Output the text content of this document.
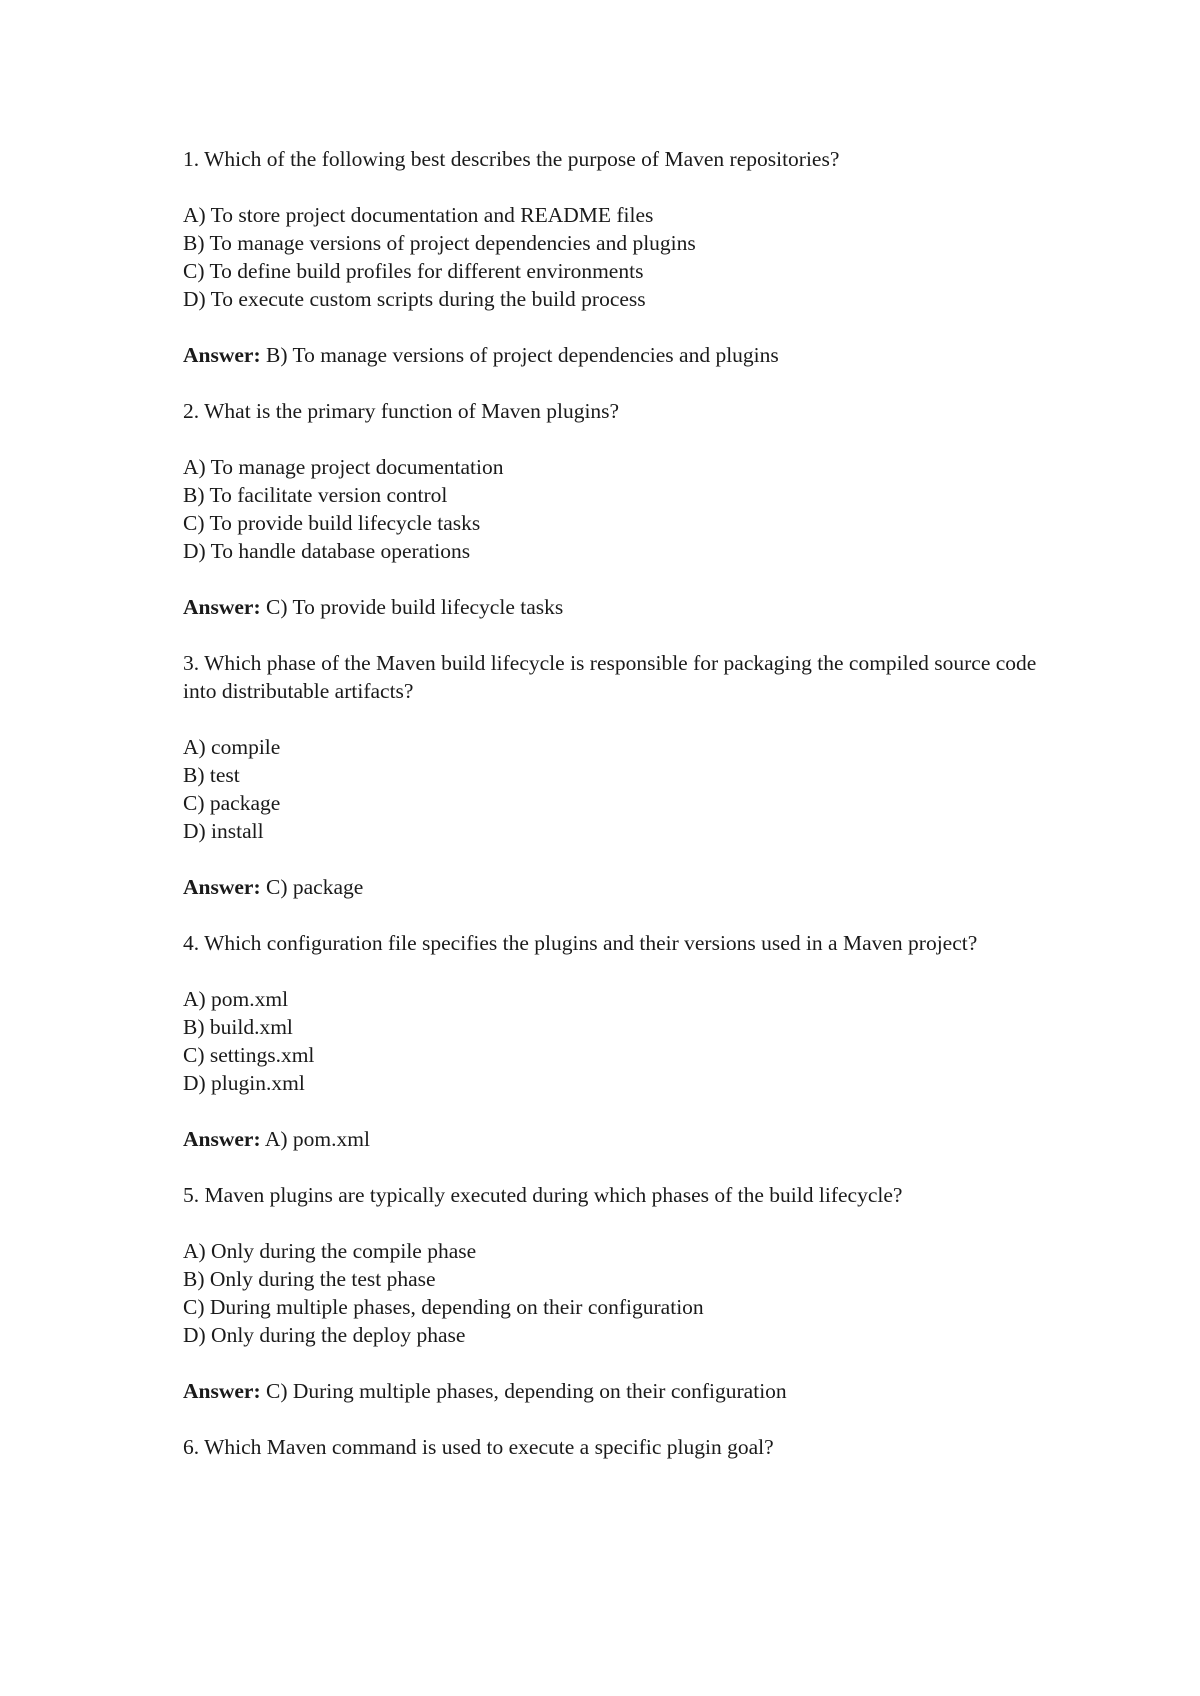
1. Which of the following best describes the purpose of Maven repositories?

A) To store project documentation and README files
B) To manage versions of project dependencies and plugins
C) To define build profiles for different environments
D) To execute custom scripts during the build process

Answer: B) To manage versions of project dependencies and plugins

2. What is the primary function of Maven plugins?

A) To manage project documentation
B) To facilitate version control
C) To provide build lifecycle tasks
D) To handle database operations

Answer: C) To provide build lifecycle tasks

3. Which phase of the Maven build lifecycle is responsible for packaging the compiled source code into distributable artifacts?

A) compile
B) test
C) package
D) install

Answer: C) package

4. Which configuration file specifies the plugins and their versions used in a Maven project?

A) pom.xml
B) build.xml
C) settings.xml
D) plugin.xml

Answer: A) pom.xml

5. Maven plugins are typically executed during which phases of the build lifecycle?

A) Only during the compile phase
B) Only during the test phase
C) During multiple phases, depending on their configuration
D) Only during the deploy phase

Answer: C) During multiple phases, depending on their configuration

6. Which Maven command is used to execute a specific plugin goal?
